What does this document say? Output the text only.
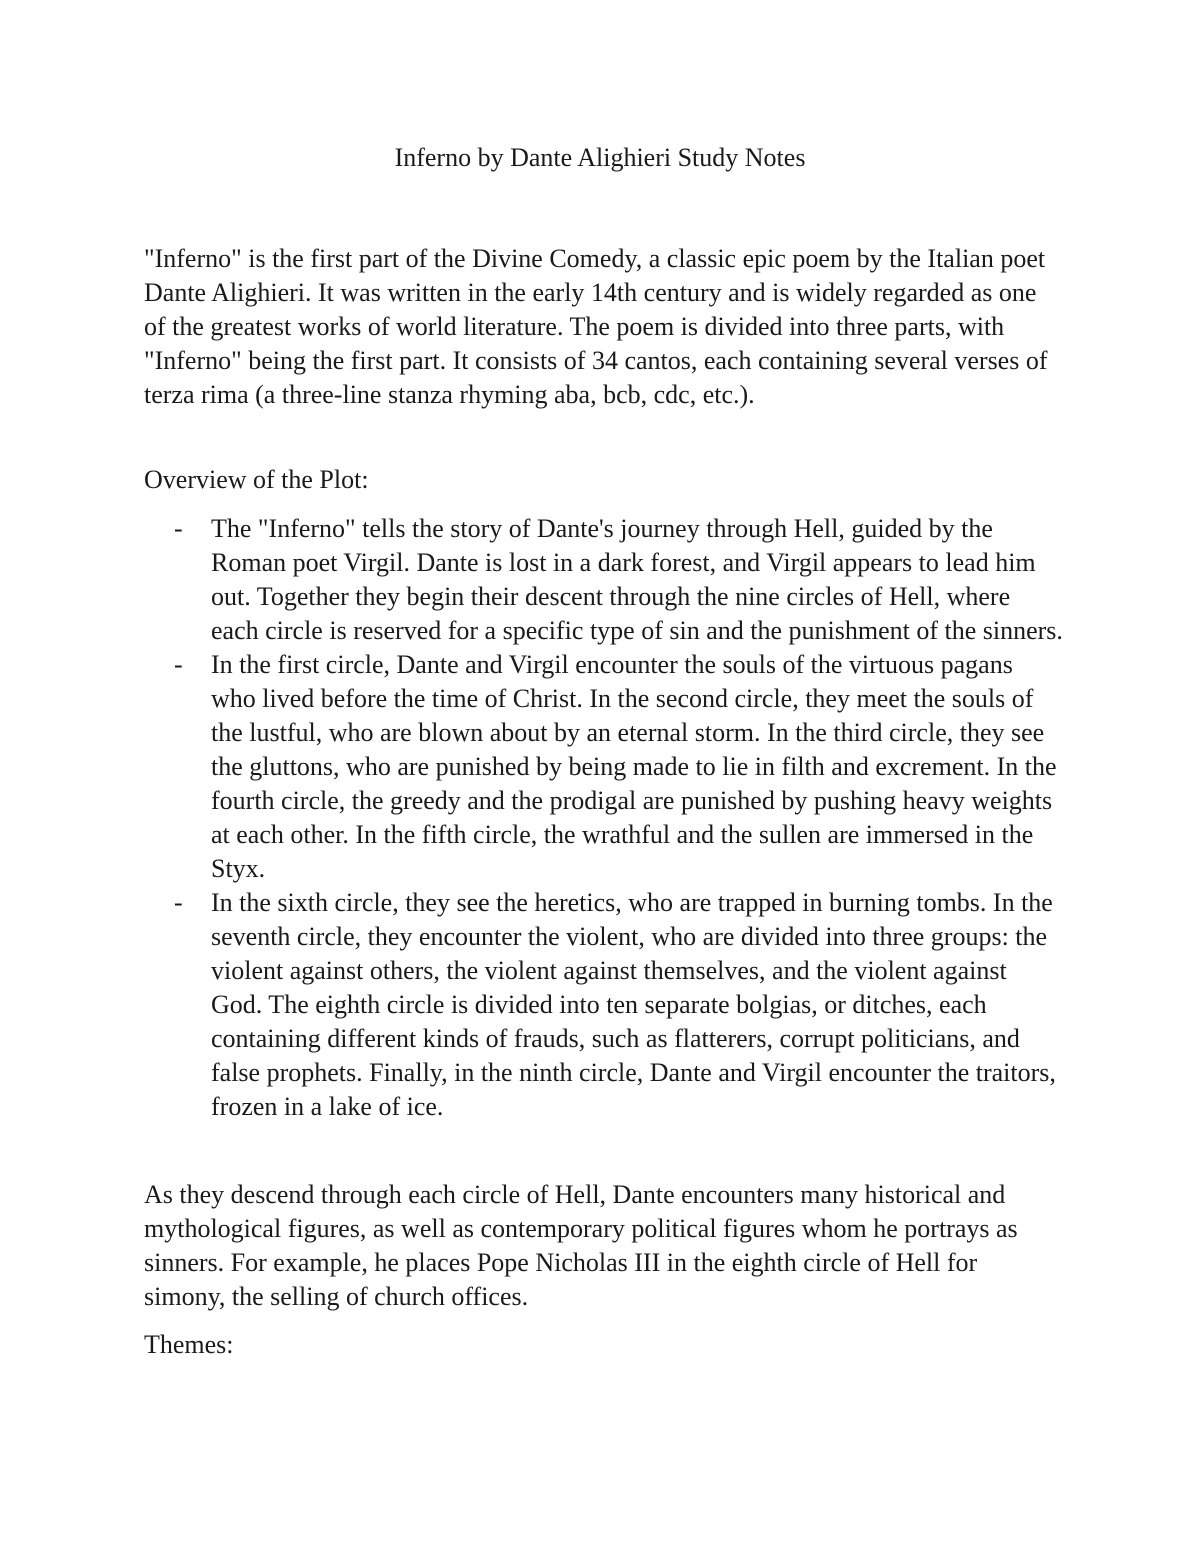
Inferno by Dante Alighieri Study Notes

"Inferno" is the first part of the Divine Comedy, a classic epic poem by the Italian poet Dante Alighieri. It was written in the early 14th century and is widely regarded as one of the greatest works of world literature. The poem is divided into three parts, with "Inferno" being the first part. It consists of 34 cantos, each containing several verses of terza rima (a three-line stanza rhyming aba, bcb, cdc, etc.).

Overview of the Plot:

- The "Inferno" tells the story of Dante's journey through Hell, guided by the Roman poet Virgil. Dante is lost in a dark forest, and Virgil appears to lead him out. Together they begin their descent through the nine circles of Hell, where each circle is reserved for a specific type of sin and the punishment of the sinners.
- In the first circle, Dante and Virgil encounter the souls of the virtuous pagans who lived before the time of Christ. In the second circle, they meet the souls of the lustful, who are blown about by an eternal storm. In the third circle, they see the gluttons, who are punished by being made to lie in filth and excrement. In the fourth circle, the greedy and the prodigal are punished by pushing heavy weights at each other. In the fifth circle, the wrathful and the sullen are immersed in the Styx.
- In the sixth circle, they see the heretics, who are trapped in burning tombs. In the seventh circle, they encounter the violent, who are divided into three groups: the violent against others, the violent against themselves, and the violent against God. The eighth circle is divided into ten separate bolgias, or ditches, each containing different kinds of frauds, such as flatterers, corrupt politicians, and false prophets. Finally, in the ninth circle, Dante and Virgil encounter the traitors, frozen in a lake of ice.

As they descend through each circle of Hell, Dante encounters many historical and mythological figures, as well as contemporary political figures whom he portrays as sinners. For example, he places Pope Nicholas III in the eighth circle of Hell for simony, the selling of church offices.

Themes:
